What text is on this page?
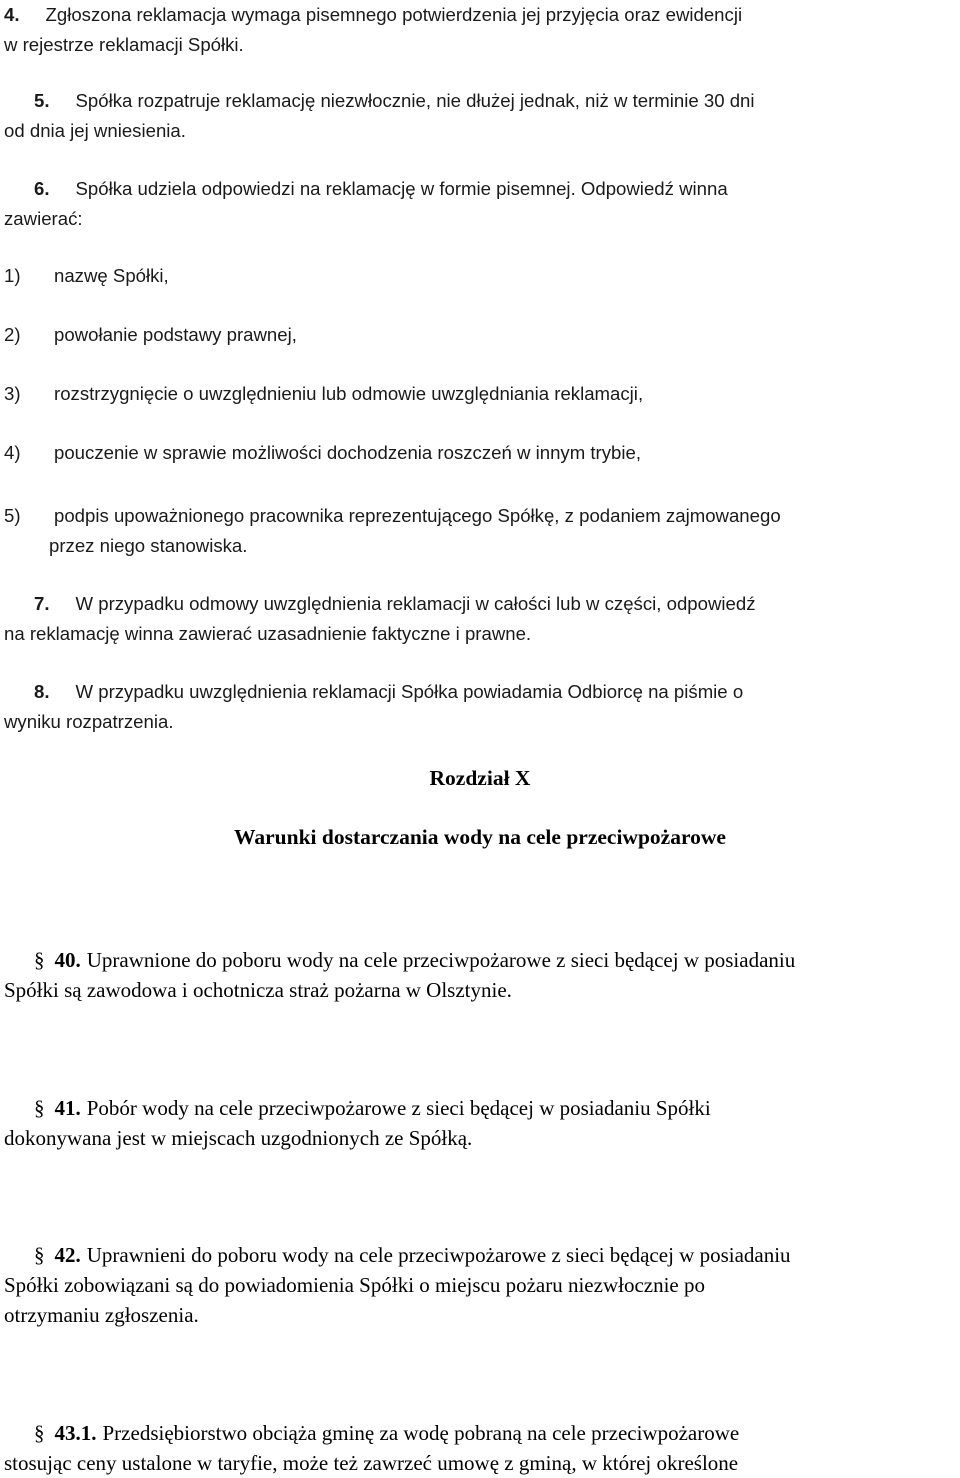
4. Zgłoszona reklamacja wymaga pisemnego potwierdzenia jej przyjęcia oraz ewidencji
w rejestrze reklamacji Spółki.
5. Spółka rozpatruje reklamację niezwłocznie, nie dłużej jednak, niż w terminie 30 dni
od dnia jej wniesienia.
6. Spółka udziela odpowiedzi na reklamację w formie pisemnej. Odpowiedź winna
zawierać:
1) nazwę Spółki,
2) powołanie podstawy prawnej,
3) rozstrzygnięcie o uwzględnieniu lub odmowie uwzględniania reklamacji,
4) pouczenie w sprawie możliwości dochodzenia roszczeń w innym trybie,
5) podpis upoważnionego pracownika reprezentującego Spółkę, z podaniem zajmowanego
przez niego stanowiska.
7. W przypadku odmowy uwzględnienia reklamacji w całości lub w części, odpowiedź
na reklamację winna zawierać uzasadnienie faktyczne i prawne.
8. W przypadku uwzględnienia reklamacji Spółka powiadamia Odbiorcę na piśmie o
wyniku rozpatrzenia.
Rozdział X
Warunki dostarczania wody na cele przeciwpożarowe
§ 40. Uprawnione do poboru wody na cele przeciwpożarowe z sieci będącej w posiadaniu
Spółki są zawodowa i ochotnicza straż pożarna w Olsztynie.
§ 41. Pobór wody na cele przeciwpożarowe z sieci będącej w posiadaniu Spółki
dokonywana jest w miejscach uzgodnionych ze Spółką.
§ 42. Uprawnieni do poboru wody na cele przeciwpożarowe z sieci będącej w posiadaniu
Spółki zobowiązani są do powiadomienia Spółki o miejscu pożaru niezwłocznie po
otrzymaniu zgłoszenia.
§ 43.1. Przedsiębiorstwo obciąża gminę za wodę pobraną na cele przeciwpożarowe
stosując ceny ustalone w taryfie, może też zawrzeć umowę z gminą, w której określone
